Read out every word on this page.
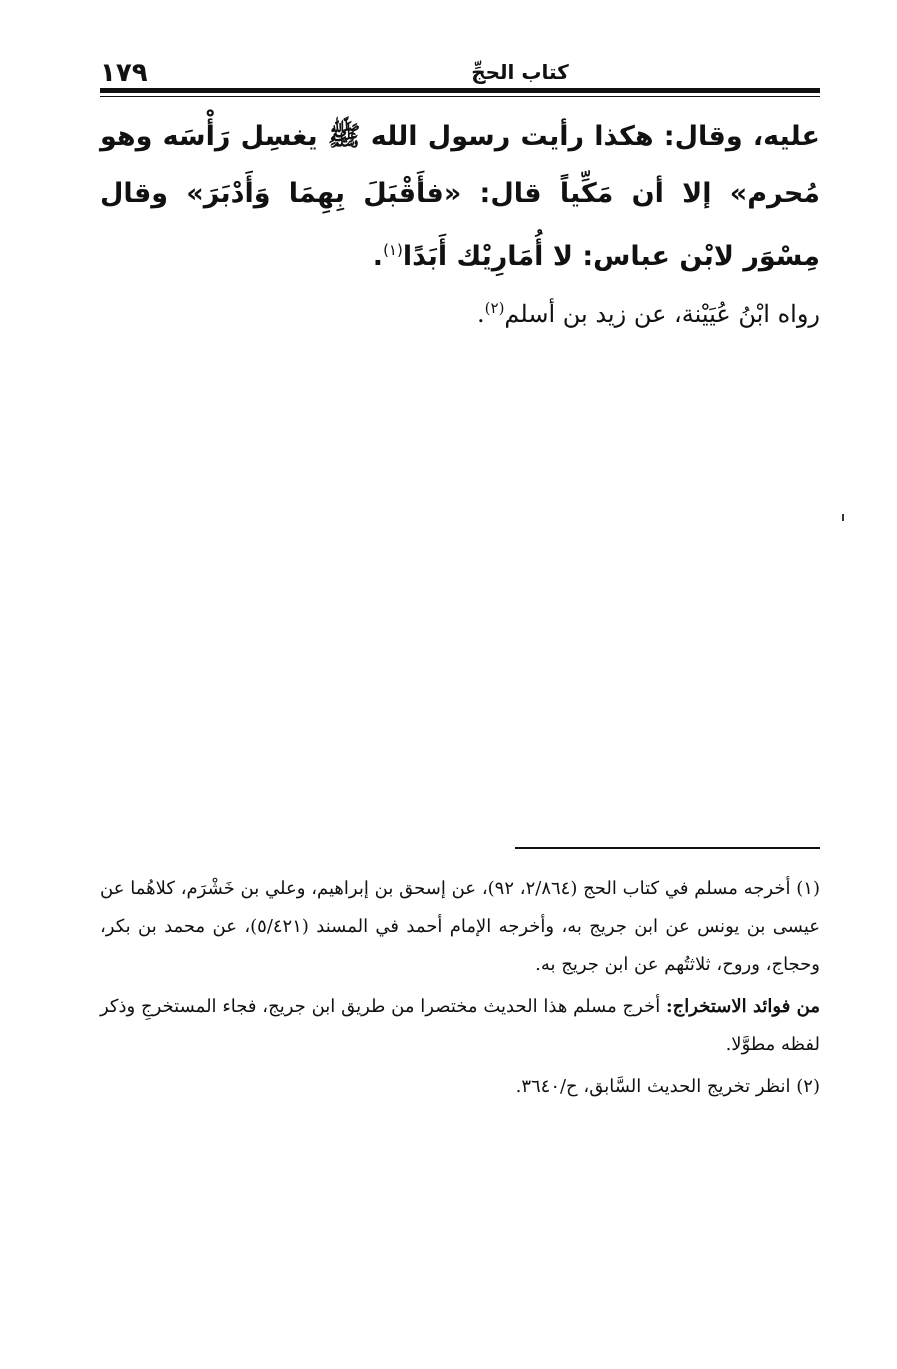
١٧٩	كتاب الحجِّ

عليه، وقال: هكذا رأيت رسول الله ﷺ يغسِل رَأْسَه وهو مُحرم» إلا أن مَكِّياً قال: «فأَقْبَلَ بِهِمَا وَأَدْبَرَ» وقال مِسْوَر لابْن عباس: لا أُمَارِيْك أَبَدًا$^{(١)}$.

رواه ابْنُ عُيَيْنة، عن زيد بن أسلم$^{(٢)}$.

(١) أخرجه مسلم في كتاب الحج (٢/٨٦٤، ٩٢)، عن إسحق بن إبراهيم، وعلي بن خَشْرَم، كلاهُما عن عيسى بن يونس عن ابن جريج به، وأخرجه الإمام أحمد في المسند (٥/٤٢١)، عن محمد بن بكر، وحجاج، وروح، ثلاثتُهم عن ابن جريج به.

من فوائد الاستخراج: أخرج مسلم هذا الحديث مختصرا من طريق ابن جريج، فجاء المستخرجِ وذكر لفظه مطوَّلا.

(٢) انظر تخريج الحديث السَّابق، ح/٣٦٤٠.
